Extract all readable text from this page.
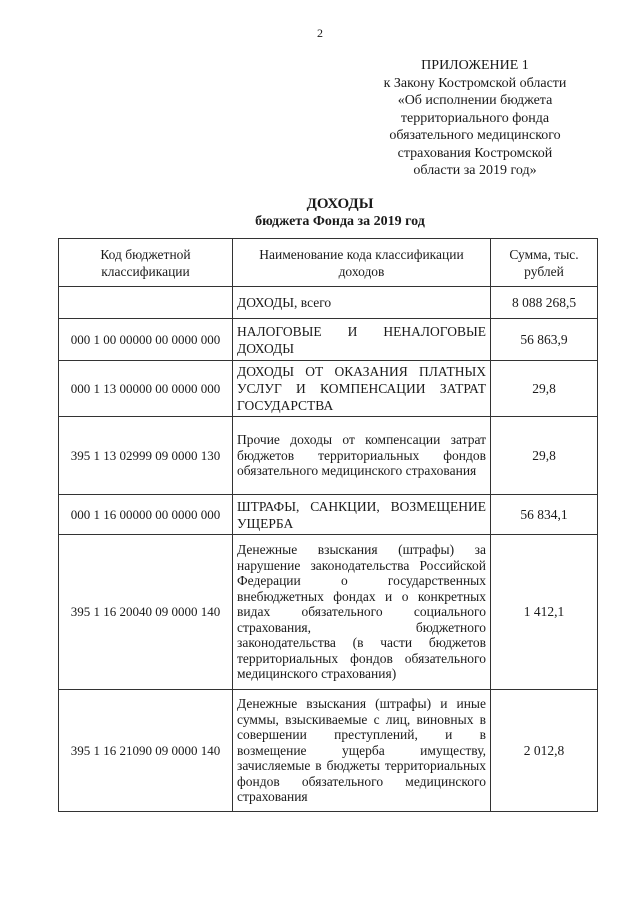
2
ПРИЛОЖЕНИЕ 1
к Закону Костромской области
«Об исполнении бюджета
территориального фонда
обязательного медицинского
страхования Костромской
области за 2019 год»
ДОХОДЫ
бюджета Фонда за 2019 год
Код бюджетной классификации	Наименование кода классификации доходов	Сумма, тыс. рублей
	ДОХОДЫ, всего	8 088 268,5
000 1 00 00000 00 0000 000	НАЛОГОВЫЕ И НЕНАЛОГОВЫЕ ДОХОДЫ	56 863,9
000 1 13 00000 00 0000 000	ДОХОДЫ ОТ ОКАЗАНИЯ ПЛАТНЫХ УСЛУГ И КОМПЕНСАЦИИ ЗАТРАТ ГОСУДАРСТВА	29,8
395 1 13 02999 09 0000 130	Прочие доходы от компенсации затрат бюджетов территориальных фондов обязательного медицинского страхования	29,8
000 1 16 00000 00 0000 000	ШТРАФЫ, САНКЦИИ, ВОЗМЕЩЕНИЕ УЩЕРБА	56 834,1
395 1 16 20040 09 0000 140	Денежные взыскания (штрафы) за нарушение законодательства Российской Федерации о государственных внебюджетных фондах и о конкретных видах обязательного социального страхования, бюджетного законодательства (в части бюджетов территориальных фондов обязательного медицинского страхования)	1 412,1
395 1 16 21090 09 0000 140	Денежные взыскания (штрафы) и иные суммы, взыскиваемые с лиц, виновных в совершении преступлений, и в возмещение ущерба имуществу, зачисляемые в бюджеты территориальных фондов обязательного медицинского страхования	2 012,8
